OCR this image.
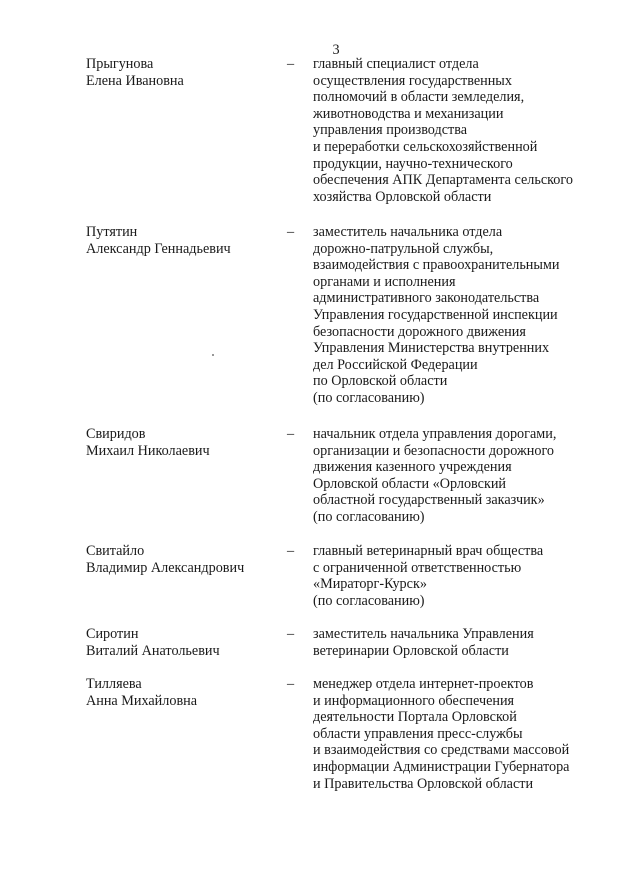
3
Прыгунова
Елена Ивановна
– главный специалист отдела
осуществления государственных
полномочий в области земледелия,
животноводства и механизации
управления производства
и переработки сельскохозяйственной
продукции, научно-технического
обеспечения АПК Департамента сельского
хозяйства Орловской области
Путятин
Александр Геннадьевич
– заместитель начальника отдела
дорожно-патрульной службы,
взаимодействия с правоохранительными
органами и исполнения
административного законодательства
Управления государственной инспекции
безопасности дорожного движения
Управления Министерства внутренних
дел Российской Федерации
по Орловской области
(по согласованию)
Свиридов
Михаил Николаевич
– начальник отдела управления дорогами,
организации и безопасности дорожного
движения казенного учреждения
Орловской области «Орловский
областной государственный заказчик»
(по согласованию)
Свитайло
Владимир Александрович
– главный ветеринарный врач общества
с ограниченной ответственностью
«Мираторг-Курск»
(по согласованию)
Сиротин
Виталий Анатольевич
– заместитель начальника Управления
ветеринарии Орловской области
Тилляева
Анна Михайловна
– менеджер отдела интернет-проектов
и информационного обеспечения
деятельности Портала Орловской
области управления пресс-службы
и взаимодействия со средствами массовой
информации Администрации Губернатора
и Правительства Орловской области
